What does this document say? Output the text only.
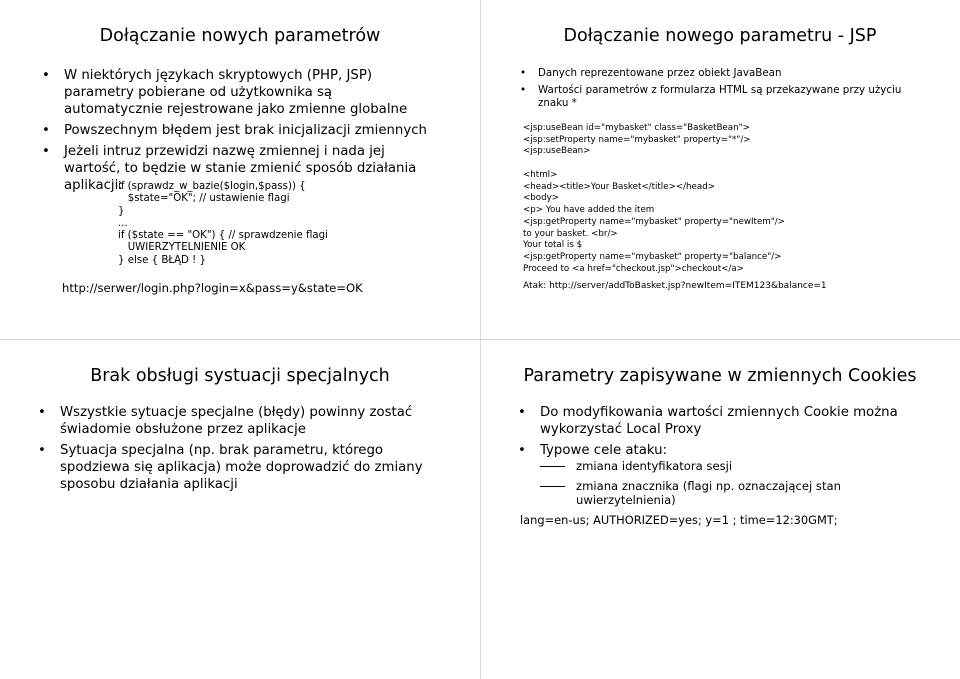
Dołączanie nowych parametrów
• W niektórych językach skryptowych (PHP, JSP) parametry pobierane od użytkownika są automatycznie rejestrowane jako zmienne globalne
• Powszechnym błędem jest brak inicjalizacji zmiennych
• Jeżeli intruz przewidzi nazwę zmiennej i nada jej wartość, to będzie w stanie zmienić sposób działania aplikacji:
if (sprawdz_w_bazie($login,$pass)) {
$state="OK"; // ustawienie flagi
}
...
if ($state == "OK") { // sprawdzenie flagi
UWIERZYTELNIENIE OK
} else { BŁĄD ! }
http://serwer/login.php?login=x&pass=y&state=OK
Dołączanie nowego parametru - JSP
• Danych reprezentowane przez obiekt JavaBean
• Wartości parametrów z formularza HTML są przekazywane przy użyciu znaku *
<jsp:useBean id="mybasket" class="BasketBean">
<jsp:setProperty name="mybasket" property="*"/>
<jsp:useBean>
<html>
<head><title>Your Basket</title></head>
<body>
<p> You have added the item
<jsp:getProperty name="mybasket" property="newItem"/>
to your basket. <br/>
Your total is $
<jsp:getProperty name="mybasket" property="balance"/>
Proceed to <a href="checkout.jsp">checkout</a>
Atak: http://server/addToBasket.jsp?newItem=ITEM123&balance=1
Brak obsługi systuacji specjalnych
• Wszystkie sytuacje specjalne (błędy) powinny zostać świadomie obsłużone przez aplikacje
• Sytuacja specjalna (np. brak parametru, którego spodziewa się aplikacja) może doprowadzić do zmiany sposobu działania aplikacji
Parametry zapisywane w zmiennych Cookies
• Do modyfikowania wartości zmiennych Cookie można wykorzystać Local Proxy
• Typowe cele ataku:
zmiana identyfikatora sesji
zmiana znacznika (flagi np. oznaczającej stan uwierzytelnienia)
lang=en-us; AUTHORIZED=yes; y=1 ; time=12:30GMT;
